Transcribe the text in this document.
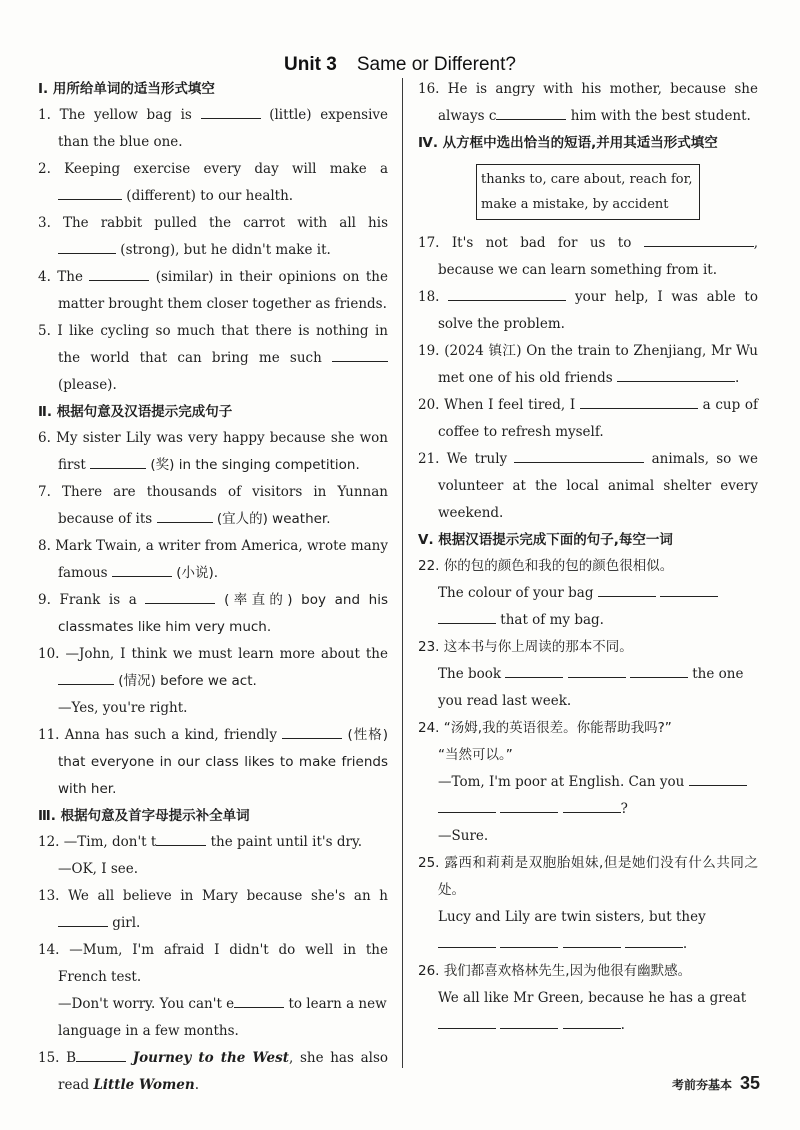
Unit 3 Same or Different?

Ⅰ. 用所给单词的适当形式填空

1. The yellow bag is	(little) expensive than the blue one.

2. Keeping exercise every day will make a  (different) to our health.

3. The rabbit pulled the carrot with all his  (strong), but he didn't make it.

4. The	(similar) in their opinions on the matter brought them closer together as friends.

5. I like cycling so much that there is nothing in the world that can bring me such  (please).

Ⅱ. 根据句意及汉语提示完成句子

6. My sister Lily was very happy because she won first	(奖) in the singing competition.

7. There are thousands of visitors in Yunnan because of its	(宜人的) weather.

8. Mark Twain, a writer from America, wrote many famous	(小说).

9. Frank is a	(率直的) boy and his classmates like him very much.

10. —John, I think we must learn more about the  (情况) before we act.

—Yes, you're right.

11. Anna has such a kind, friendly	(性格) that everyone in our class likes to make friends with her.

Ⅲ. 根据句意及首字母提示补全单词

12. —Tim, don't t	the paint until it's dry.

—OK, I see.

13. We all believe in Mary because she's an h girl.

14. —Mum, I'm afraid I didn't do well in the French test.

—Don't worry. You can't e	to learn a new language in a few months.

15. B	Journey to the West, she has also read Little Women.

16. He is angry with his mother, because she always c	him with the best student.

Ⅳ. 从方框中选出恰当的短语,并用其适当形式填空

thanks to, care about, reach for,
make a mistake, by accident

17. It's not bad for us to	, because we can learn something from it.

18.	your help, I was able to solve the problem.

19. (2024 镇江) On the train to Zhenjiang, Mr Wu met one of his old friends	.

20. When I feel tired, I	a cup of coffee to refresh myself.

21. We truly	animals, so we volunteer at the local animal shelter every weekend.

Ⅴ. 根据汉语提示完成下面的句子,每空一词

22. 你的包的颜色和我的包的颜色很相似。

The colour of your bag    that of my bag.

23. 这本书与你上周读的那本不同。

The book	the one you read last week.

24. “汤姆,我的英语很差。你能帮助我吗?”

“当然可以。”

—Tom, I'm poor at English. Can you    ?

—Sure.

25. 露西和莉莉是双胞胎姐妹,但是她们没有什么共同之处。

Lucy and Lily are twin sisters, but they    .

26. 我们都喜欢格林先生,因为他很有幽默感。

We all like Mr Green, because he has a great   .

考前夯基本 35
